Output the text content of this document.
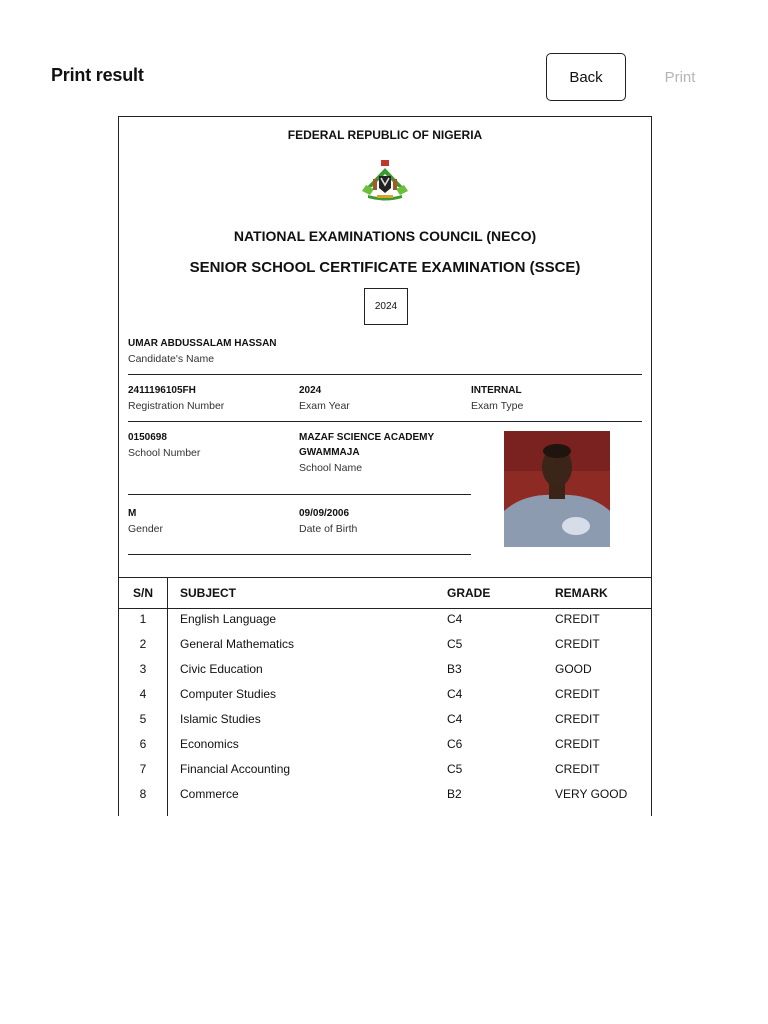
Print result	Back	Print
FEDERAL REPUBLIC OF NIGERIA
NATIONAL EXAMINATIONS COUNCIL (NECO)
SENIOR SCHOOL CERTIFICATE EXAMINATION (SSCE)
2024
UMAR ABDUSSALAM HASSAN
Candidate's Name
2411196105FH
Registration Number
2024
Exam Year
INTERNAL
Exam Type
0150698
School Number
MAZAF SCIENCE ACADEMY
GWAMMAJA
School Name
M
Gender
09/09/2006
Date of Birth
S/N	SUBJECT	GRADE	REMARK
1	English Language	C4	CREDIT
2	General Mathematics	C5	CREDIT
3	Civic Education	B3	GOOD
4	Computer Studies	C4	CREDIT
5	Islamic Studies	C4	CREDIT
6	Economics	C6	CREDIT
7	Financial Accounting	C5	CREDIT
8	Commerce	B2	VERY GOOD
